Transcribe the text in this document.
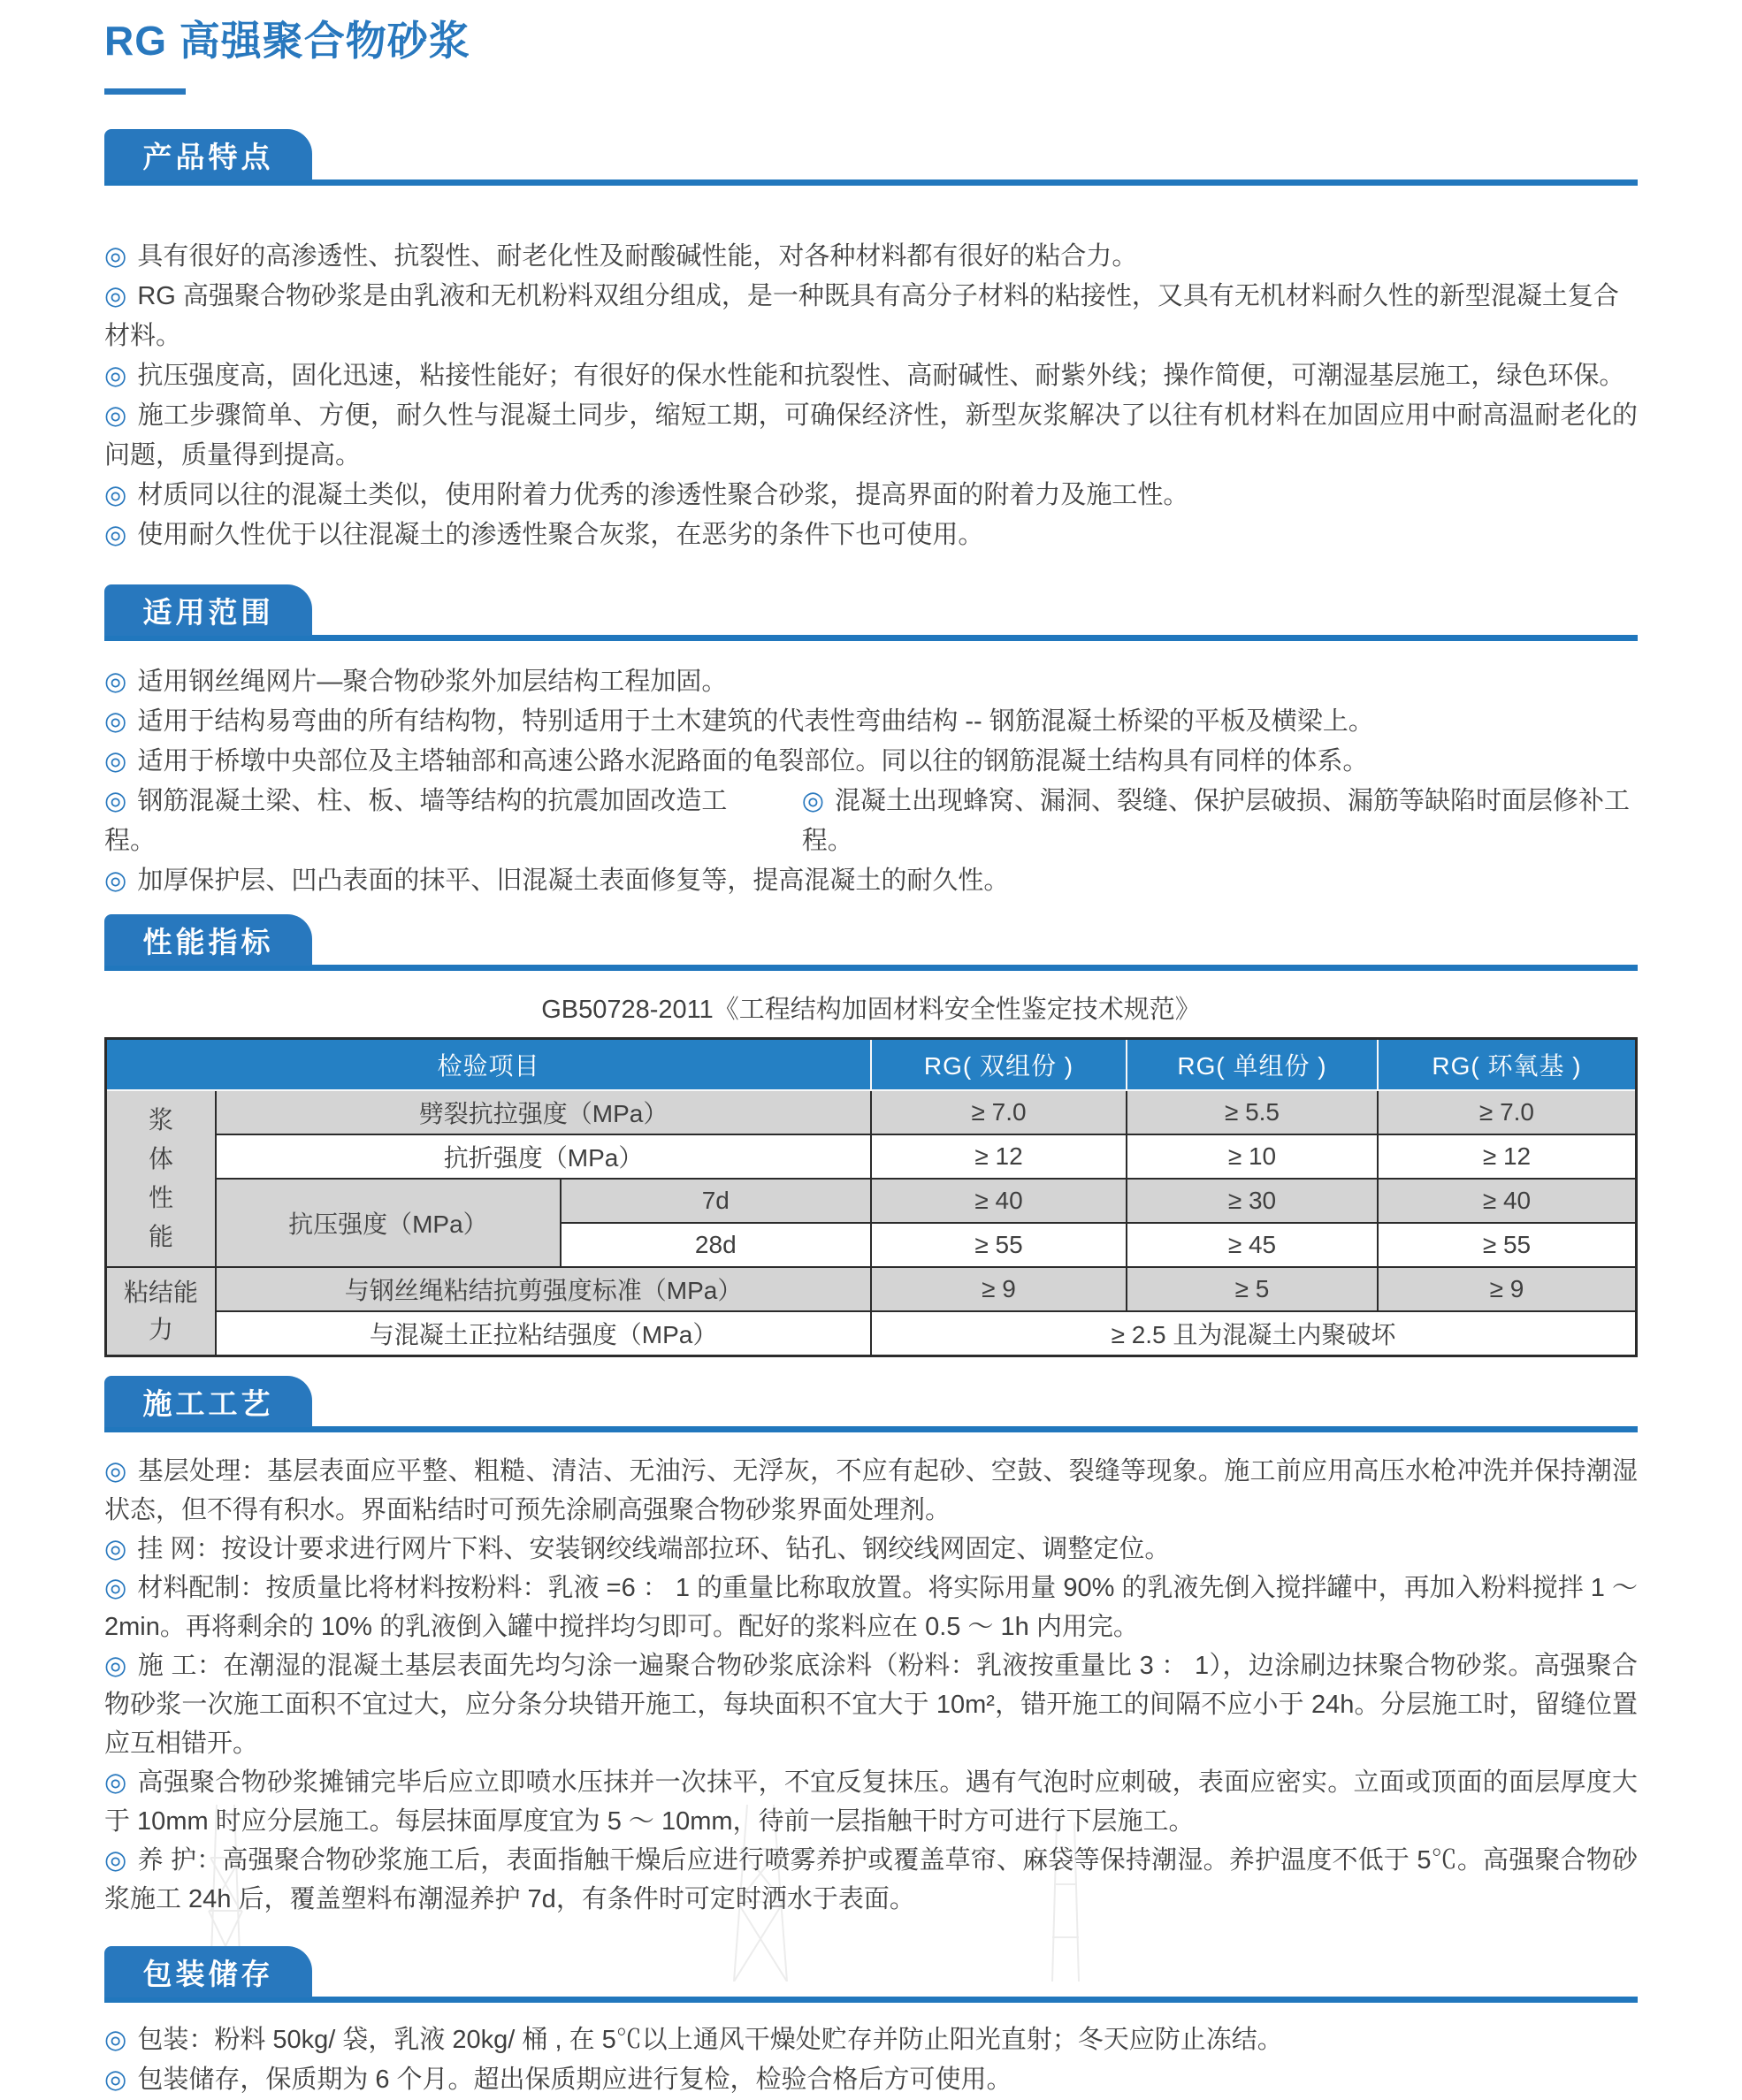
RG 高强聚合物砂浆
产品特点

◎ 具有很好的高渗透性、抗裂性、耐老化性及耐酸碱性能，对各种材料都有很好的粘合力。

◎ RG 高强聚合物砂浆是由乳液和无机粉料双组分组成，是一种既具有高分子材料的粘接性，又具有无机材料耐久性的新型混凝土复合材料。

◎ 抗压强度高，固化迅速，粘接性能好；有很好的保水性能和抗裂性、高耐碱性、耐紫外线；操作简便，可潮湿基层施工，绿色环保。

◎ 施工步骤简单、方便，耐久性与混凝土同步，缩短工期，可确保经济性，新型灰浆解决了以往有机材料在加固应用中耐高温耐老化的问题，质量得到提高。

◎ 材质同以往的混凝土类似，使用附着力优秀的渗透性聚合砂浆，提高界面的附着力及施工性。

◎ 使用耐久性优于以往混凝土的渗透性聚合灰浆，在恶劣的条件下也可使用。

适用范围

◎ 适用钢丝绳网片—聚合物砂浆外加层结构工程加固。

◎ 适用于结构易弯曲的所有结构物，特别适用于土木建筑的代表性弯曲结构 -- 钢筋混凝土桥梁的平板及横梁上。

◎ 适用于桥墩中央部位及主塔轴部和高速公路水泥路面的龟裂部位。同以往的钢筋混凝土结构具有同样的体系。

◎ 钢筋混凝土梁、柱、板、墙等结构的抗震加固改造工程。
◎ 混凝土出现蜂窝、漏洞、裂缝、保护层破损、漏筋等缺陷时面层修补工程。

◎ 加厚保护层、凹凸表面的抹平、旧混凝土表面修复等，提高混凝土的耐久性。

性能指标
GB50728-2011《工程结构加固材料安全性鉴定技术规范》
检验项目			RG( 双组份 )	RG( 单组份 )	RG( 环氧基 )

浆
体
性
能	劈裂抗拉强度（MPa）		≥ 7.0	≥ 5.5	≥ 7.0
	抗折强度（MPa）		≥ 12	≥ 10	≥ 12
	抗压强度（MPa）	7d	≥ 40	≥ 30	≥ 40
		28d	≥ 55	≥ 45	≥ 55
粘结能力	与钢丝绳粘结抗剪强度标准（MPa）		≥ 9	≥ 5	≥ 9
	与混凝土正拉粘结强度（MPa）		≥ 2.5 且为混凝土内聚破坏		
施工工艺

◎ 基层处理：基层表面应平整、粗糙、清洁、无油污、无浮灰，不应有起砂、空鼓、裂缝等现象。施工前应用高压水枪冲洗并保持潮湿状态，但不得有积水。界面粘结时可预先涂刷高强聚合物砂浆界面处理剂。

◎ 挂 网：按设计要求进行网片下料、安装钢绞线端部拉环、钻孔、钢绞线网固定、调整定位。

◎ 材料配制：按质量比将材料按粉料：乳液 =6 ： 1 的重量比称取放置。将实际用量 90% 的乳液先倒入搅拌罐中，再加入粉料搅拌 1 ～ 2min。再将剩余的 10% 的乳液倒入罐中搅拌均匀即可。配好的浆料应在 0.5 ～ 1h 内用完。

◎ 施 工：在潮湿的混凝土基层表面先均匀涂一遍聚合物砂浆底涂料（粉料：乳液按重量比 3 ： 1），边涂刷边抹聚合物砂浆。高强聚合物砂浆一次施工面积不宜过大，应分条分块错开施工，每块面积不宜大于 10m²，错开施工的间隔不应小于 24h。分层施工时，留缝位置应互相错开。

◎ 高强聚合物砂浆摊铺完毕后应立即喷水压抹并一次抹平，不宜反复抹压。遇有气泡时应刺破，表面应密实。立面或顶面的面层厚度大于 10mm 时应分层施工。每层抹面厚度宜为 5 ～ 10mm，待前一层指触干时方可进行下层施工。

◎ 养 护：高强聚合物砂浆施工后，表面指触干燥后应进行喷雾养护或覆盖草帘、麻袋等保持潮湿。养护温度不低于 5℃。高强聚合物砂浆施工 24h 后，覆盖塑料布潮湿养护 7d，有条件时可定时洒水于表面。

包装储存

◎ 包装：粉料 50kg/ 袋，乳液 20kg/ 桶 , 在 5℃以上通风干燥处贮存并防止阳光直射；冬天应防止冻结。

◎ 包装储存，保质期为 6 个月。超出保质期应进行复检，检验合格后方可使用。
